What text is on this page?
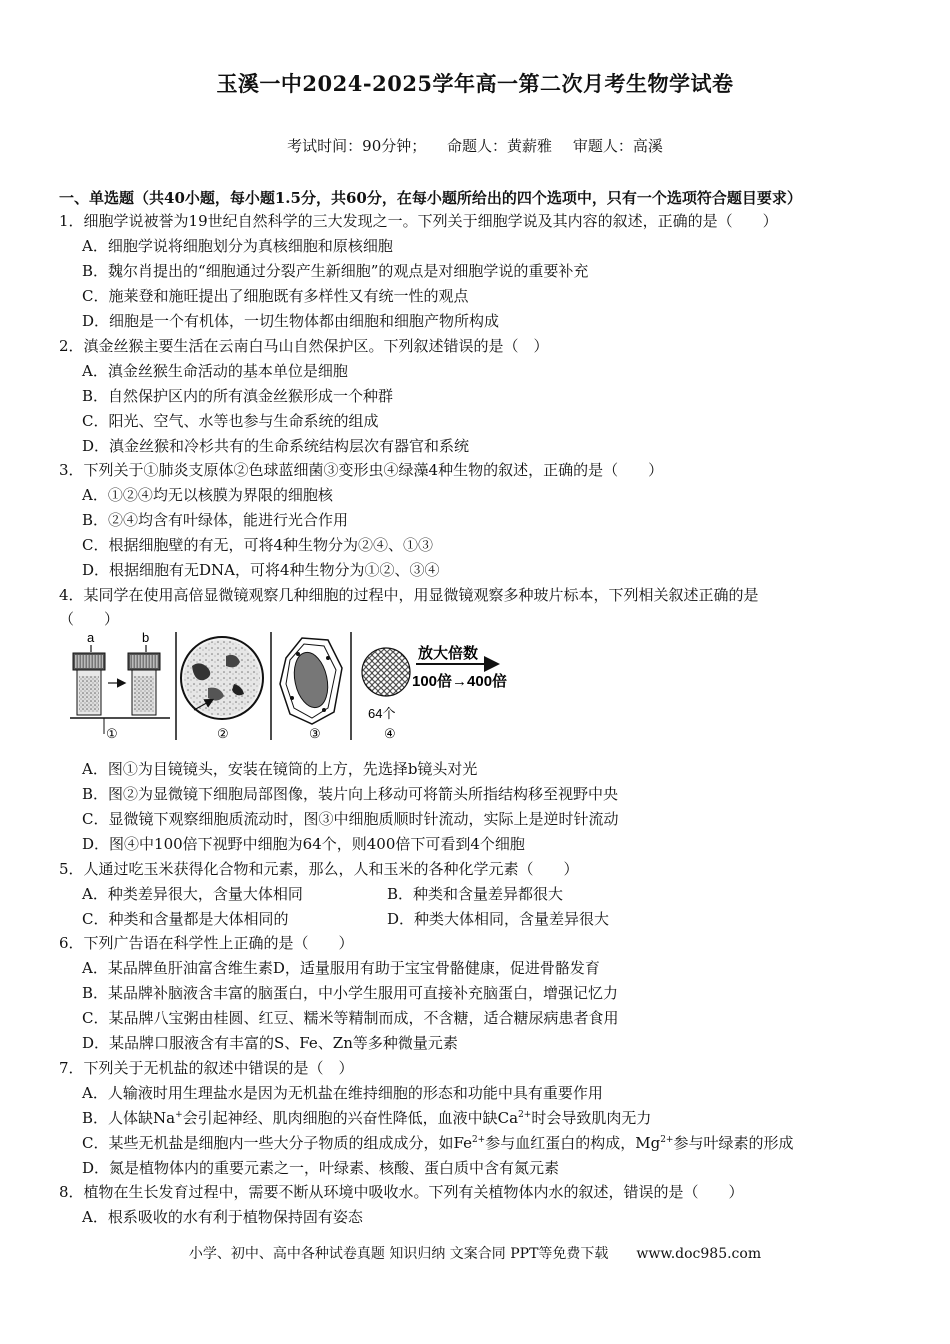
玉溪一中2024-2025学年高一第二次月考生物学试卷
考试时间：90分钟； 命题人：黄薪雅 审题人：高溪
一、单选题（共40小题，每小题1.5分，共60分，在每小题所给出的四个选项中，只有一个选项符合题目要求）
1．细胞学说被誉为19世纪自然科学的三大发现之一。下列关于细胞学说及其内容的叙述，正确的是（　　）
A．细胞学说将细胞划分为真核细胞和原核细胞
B．魏尔肖提出的“细胞通过分裂产生新细胞”的观点是对细胞学说的重要补充
C．施莱登和施旺提出了细胞既有多样性又有统一性的观点
D．细胞是一个有机体，一切生物体都由细胞和细胞产物所构成
2．滇金丝猴主要生活在云南白马山自然保护区。下列叙述错误的是（　）
A．滇金丝猴生命活动的基本单位是细胞
B．自然保护区内的所有滇金丝猴形成一个种群
C．阳光、空气、水等也参与生命系统的组成
D．滇金丝猴和冷杉共有的生命系统结构层次有器官和系统
3．下列关于①肺炎支原体②色球蓝细菌③变形虫④绿藻4种生物的叙述，正确的是（　　）
A．①②④均无以核膜为界限的细胞核
B．②④均含有叶绿体，能进行光合作用
C．根据细胞壁的有无，可将4种生物分为②④、①③
D．根据细胞有无DNA，可将4种生物分为①②、③④
4．某同学在使用高倍显微镜观察几种细胞的过程中，用显微镜观察多种玻片标本，下列相关叙述正确的是
（　　）
a	b
①	②	③
64个
放大倍数
100倍→400倍
④
A．图①为目镜镜头，安装在镜筒的上方，先选择b镜头对光
B．图②为显微镜下细胞局部图像，装片向上移动可将箭头所指结构移至视野中央
C．显微镜下观察细胞质流动时，图③中细胞质顺时针流动，实际上是逆时针流动
D．图④中100倍下视野中细胞为64个，则400倍下可看到4个细胞
5．人通过吃玉米获得化合物和元素，那么，人和玉米的各种化学元素（　　）
A．种类差异很大，含量大体相同	B．种类和含量差异都很大
C．种类和含量都是大体相同的	D．种类大体相同，含量差异很大
6．下列广告语在科学性上正确的是（　　）
A．某品牌鱼肝油富含维生素D，适量服用有助于宝宝骨骼健康，促进骨骼发育
B．某品牌补脑液含丰富的脑蛋白，中小学生服用可直接补充脑蛋白，增强记忆力
C．某品牌八宝粥由桂圆、红豆、糯米等精制而成，不含糖，适合糖尿病患者食用
D．某品牌口服液含有丰富的S、Fe、Zn等多种微量元素
7．下列关于无机盐的叙述中错误的是（　）
A．人输液时用生理盐水是因为无机盐在维持细胞的形态和功能中具有重要作用
B．人体缺Na+会引起神经、肌肉细胞的兴奋性降低，血液中缺$Ca^{2+}$时会导致肌肉无力
C．某些无机盐是细胞内一些大分子物质的组成成分，如$Fe^{2+}$参与血红蛋白的构成，$Mg^{2+}$参与叶绿素的形成
D．氮是植物体内的重要元素之一，叶绿素、核酸、蛋白质中含有氮元素
8．植物在生长发育过程中，需要不断从环境中吸收水。下列有关植物体内水的叙述，错误的是（　　）
A．根系吸收的水有利于植物保持固有姿态
小学、初中、高中各种试卷真题 知识归纳 文案合同 PPT等免费下载　　www.doc985.com
